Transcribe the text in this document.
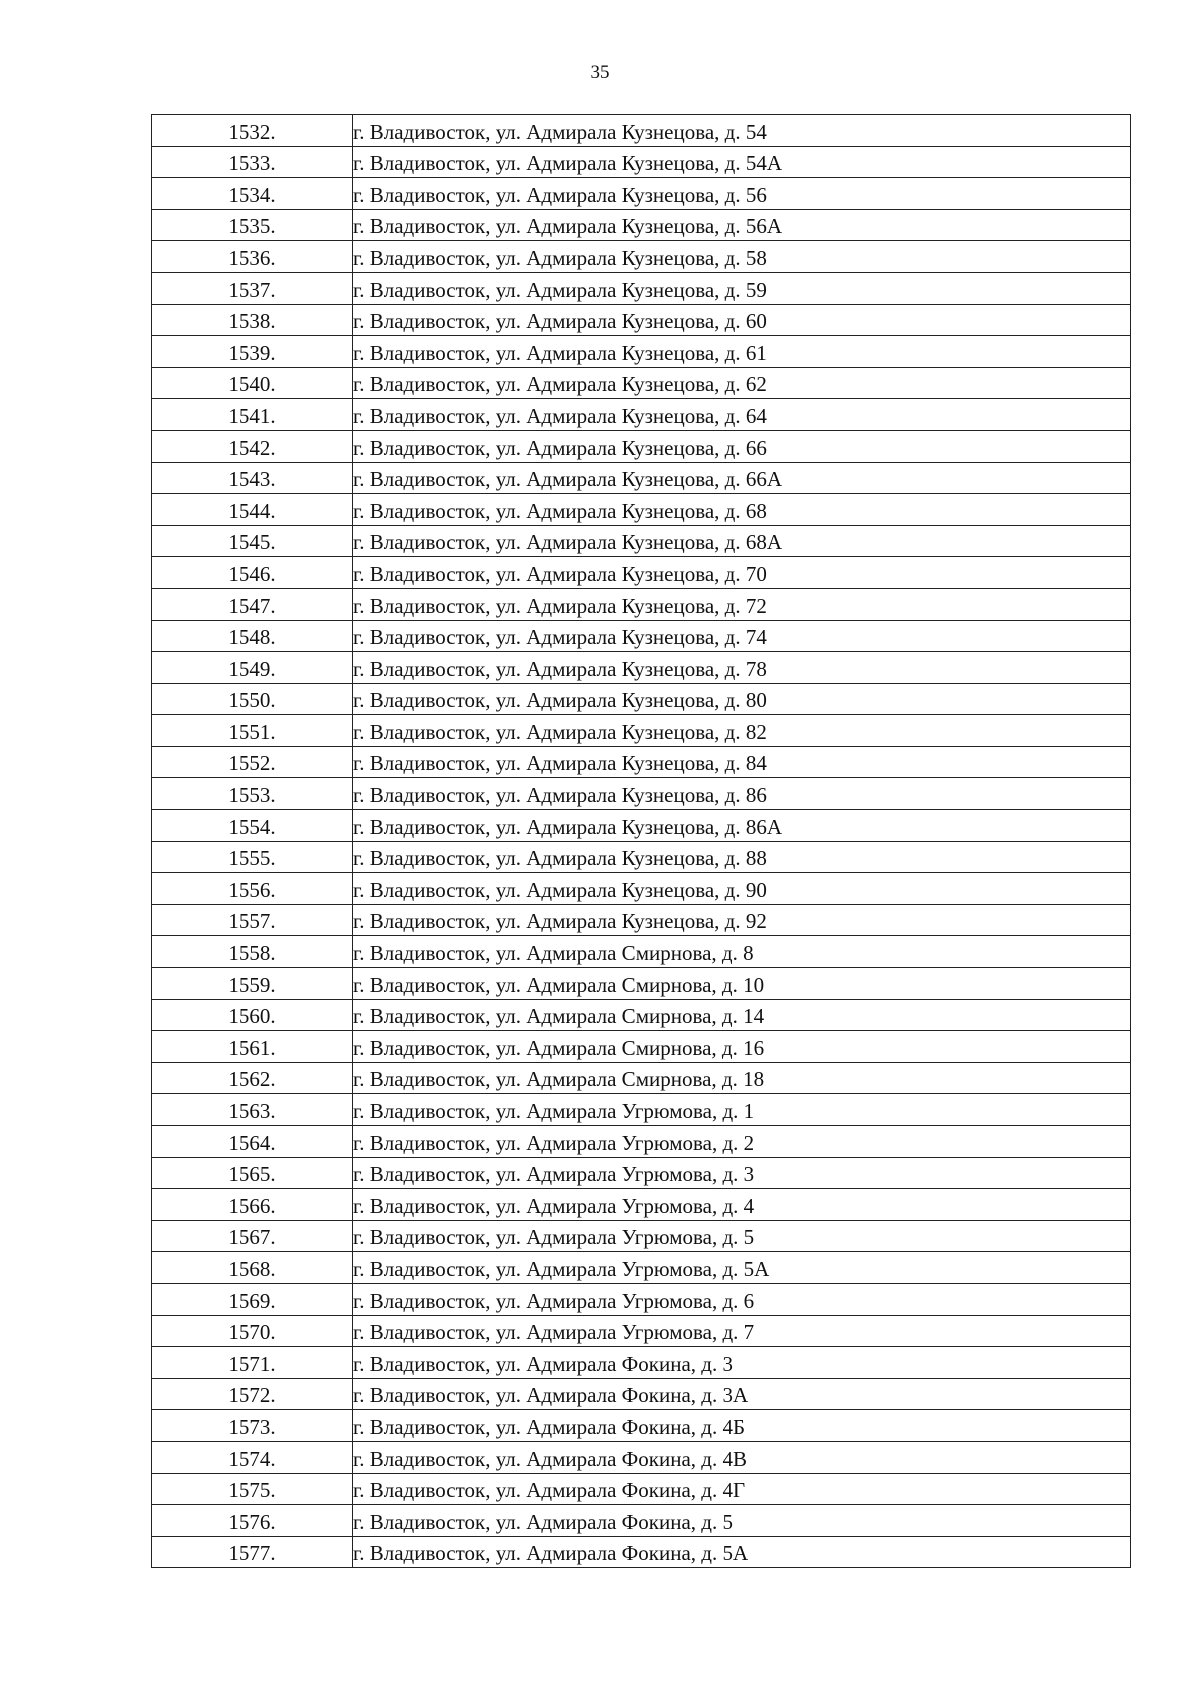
35
1532.	г. Владивосток, ул. Адмирала Кузнецова, д. 54
1533.	г. Владивосток, ул. Адмирала Кузнецова, д. 54А
1534.	г. Владивосток, ул. Адмирала Кузнецова, д. 56
1535.	г. Владивосток, ул. Адмирала Кузнецова, д. 56А
1536.	г. Владивосток, ул. Адмирала Кузнецова, д. 58
1537.	г. Владивосток, ул. Адмирала Кузнецова, д. 59
1538.	г. Владивосток, ул. Адмирала Кузнецова, д. 60
1539.	г. Владивосток, ул. Адмирала Кузнецова, д. 61
1540.	г. Владивосток, ул. Адмирала Кузнецова, д. 62
1541.	г. Владивосток, ул. Адмирала Кузнецова, д. 64
1542.	г. Владивосток, ул. Адмирала Кузнецова, д. 66
1543.	г. Владивосток, ул. Адмирала Кузнецова, д. 66А
1544.	г. Владивосток, ул. Адмирала Кузнецова, д. 68
1545.	г. Владивосток, ул. Адмирала Кузнецова, д. 68А
1546.	г. Владивосток, ул. Адмирала Кузнецова, д. 70
1547.	г. Владивосток, ул. Адмирала Кузнецова, д. 72
1548.	г. Владивосток, ул. Адмирала Кузнецова, д. 74
1549.	г. Владивосток, ул. Адмирала Кузнецова, д. 78
1550.	г. Владивосток, ул. Адмирала Кузнецова, д. 80
1551.	г. Владивосток, ул. Адмирала Кузнецова, д. 82
1552.	г. Владивосток, ул. Адмирала Кузнецова, д. 84
1553.	г. Владивосток, ул. Адмирала Кузнецова, д. 86
1554.	г. Владивосток, ул. Адмирала Кузнецова, д. 86А
1555.	г. Владивосток, ул. Адмирала Кузнецова, д. 88
1556.	г. Владивосток, ул. Адмирала Кузнецова, д. 90
1557.	г. Владивосток, ул. Адмирала Кузнецова, д. 92
1558.	г. Владивосток, ул. Адмирала Смирнова, д. 8
1559.	г. Владивосток, ул. Адмирала Смирнова, д. 10
1560.	г. Владивосток, ул. Адмирала Смирнова, д. 14
1561.	г. Владивосток, ул. Адмирала Смирнова, д. 16
1562.	г. Владивосток, ул. Адмирала Смирнова, д. 18
1563.	г. Владивосток, ул. Адмирала Угрюмова, д. 1
1564.	г. Владивосток, ул. Адмирала Угрюмова, д. 2
1565.	г. Владивосток, ул. Адмирала Угрюмова, д. 3
1566.	г. Владивосток, ул. Адмирала Угрюмова, д. 4
1567.	г. Владивосток, ул. Адмирала Угрюмова, д. 5
1568.	г. Владивосток, ул. Адмирала Угрюмова, д. 5А
1569.	г. Владивосток, ул. Адмирала Угрюмова, д. 6
1570.	г. Владивосток, ул. Адмирала Угрюмова, д. 7
1571.	г. Владивосток, ул. Адмирала Фокина, д. 3
1572.	г. Владивосток, ул. Адмирала Фокина, д. 3А
1573.	г. Владивосток, ул. Адмирала Фокина, д. 4Б
1574.	г. Владивосток, ул. Адмирала Фокина, д. 4В
1575.	г. Владивосток, ул. Адмирала Фокина, д. 4Г
1576.	г. Владивосток, ул. Адмирала Фокина, д. 5
1577.	г. Владивосток, ул. Адмирала Фокина, д. 5А
